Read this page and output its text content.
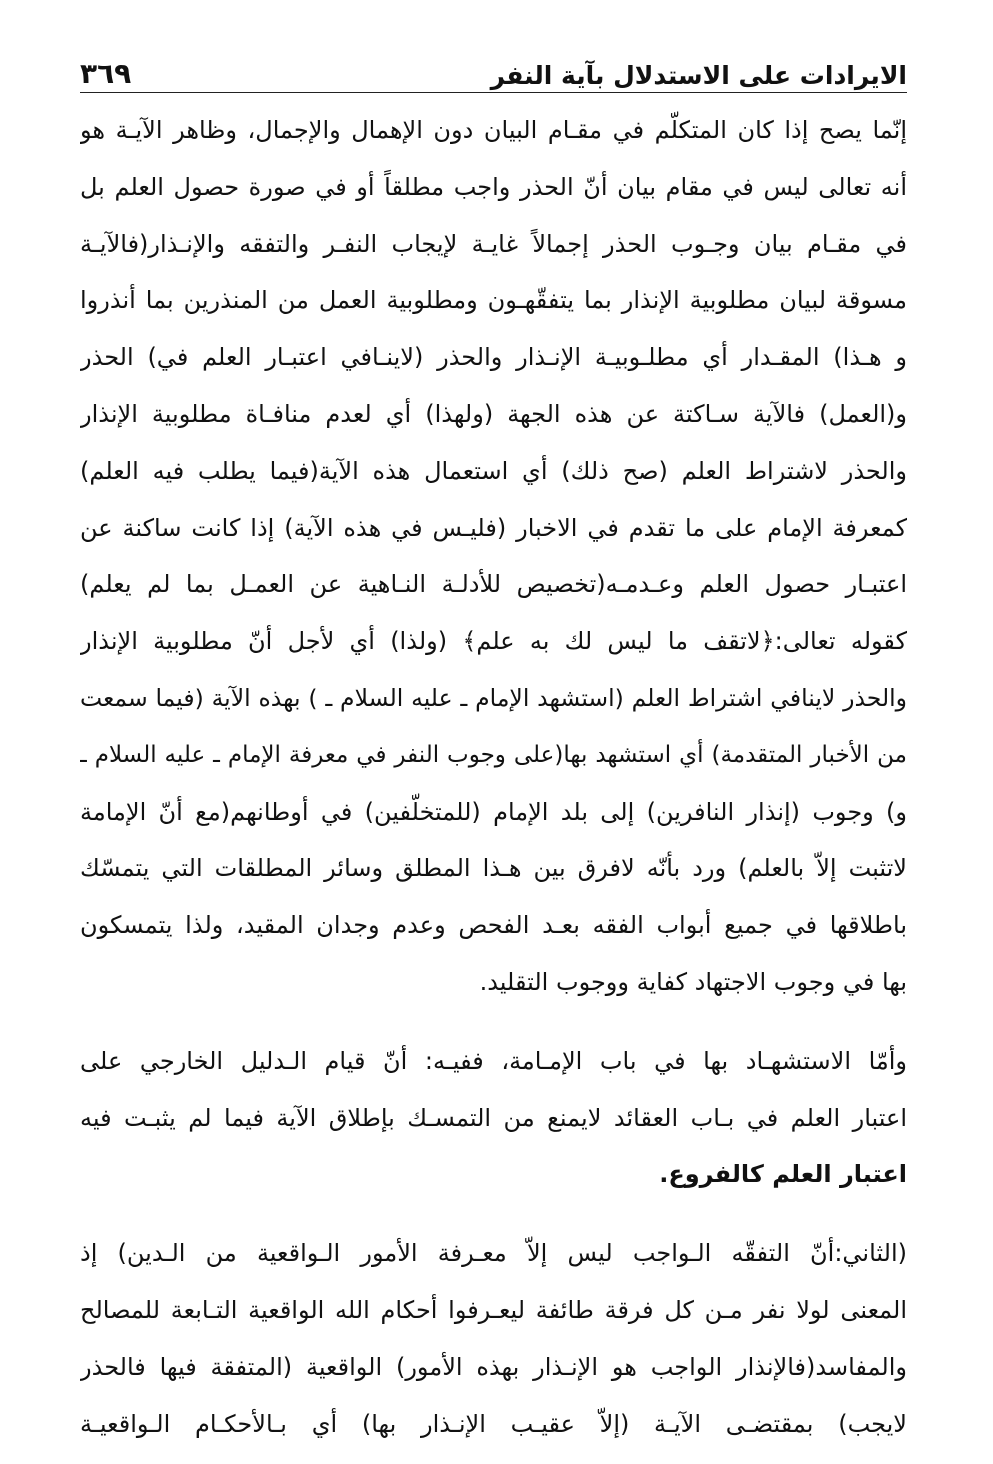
الايرادات على الاستدلال بآية النفر
٣٦٩
إنّما يصح إذا كان المتكلّم في مقـام البيان دون الإهمال والإجمال، وظاهر الآيـة هو
أنه تعالى ليس في مقام بيان أنّ الحذر واجب مطلقاً أو في صورة حصول العلم بل
في مقـام بيان وجـوب الحذر إجمالاً غايـة لإيجاب النفـر والتفقه والإنـذار(فالآيـة
مسوقة لبيان مطلوبية الإنذار بما يتفقّهـون ومطلوبية العمل من المنذرين بما أنذروا
و هـذا) المقـدار أي مطلـوبيـة الإنـذار والحذر (لاينـافي اعتبـار العلم في) الحذر
و(العمل) فالآية سـاكتة عن هذه الجهة (ولهذا) أي لعدم منافـاة مطلوبية الإنذار
والحذر لاشتراط العلم (صح ذلك) أي استعمال هذه الآية(فيما يطلب فيه العلم)
كمعرفة الإمام على ما تقدم في الاخبار (فليـس في هذه الآية) إذا كانت ساكنة عن
اعتبـار حصول العلم وعـدمـه(تخصيص للأدلـة النـاهية عن العمـل بما لم يعلم)
كقوله تعالى:﴿لاتقف ما ليس لك به علم﴾ (ولذا) أي لأجل أنّ مطلوبية الإنذار
والحذر لاينافي اشتراط العلم (استشهد الإمام ـ عليه السلام ـ ) بهذه الآية (فيما سمعت
من الأخبار المتقدمة) أي استشهد بها(على وجوب النفر في معرفة الإمام ـ عليه السلام ـ
و) وجوب (إنذار النافرين) إلى بلد الإمام (للمتخلّفين) في أوطانهم(مع أنّ الإمامة
لاتثبت إلاّ بالعلم) ورد بأنّه لافرق بين هـذا المطلق وسائر المطلقات التي يتمسّك
باطلاقها في جميع أبواب الفقه بعـد الفحص وعدم وجدان المقيد، ولذا يتمسكون
بها في وجوب الاجتهاد كفاية ووجوب التقليد.
وأمّا الاستشهـاد بها في باب الإمـامة، ففيـه: أنّ قيام الـدليل الخارجي على
اعتبار العلم في بـاب العقائد لايمنع من التمسـك بإطلاق الآية فيما لم يثبـت فيه
اعتبار العلم كالفروع.
(الثاني:أنّ التفقّه الـواجب ليس إلاّ معـرفة الأمور الـواقعية من الـدين) إذ
المعنى لولا نفر مـن كل فرقة طائفة ليعـرفوا أحكام الله الواقعية التـابعة للمصالح
والمفاسد(فالإنذار الواجب هو الإنـذار بهذه الأمور) الواقعية (المتفقة فيها فالحذر
لايجب) بمقتضـى الآيـة (إلاّ عقيـب الإنـذار بها) أي بـالأحكـام الـواقعيـة
